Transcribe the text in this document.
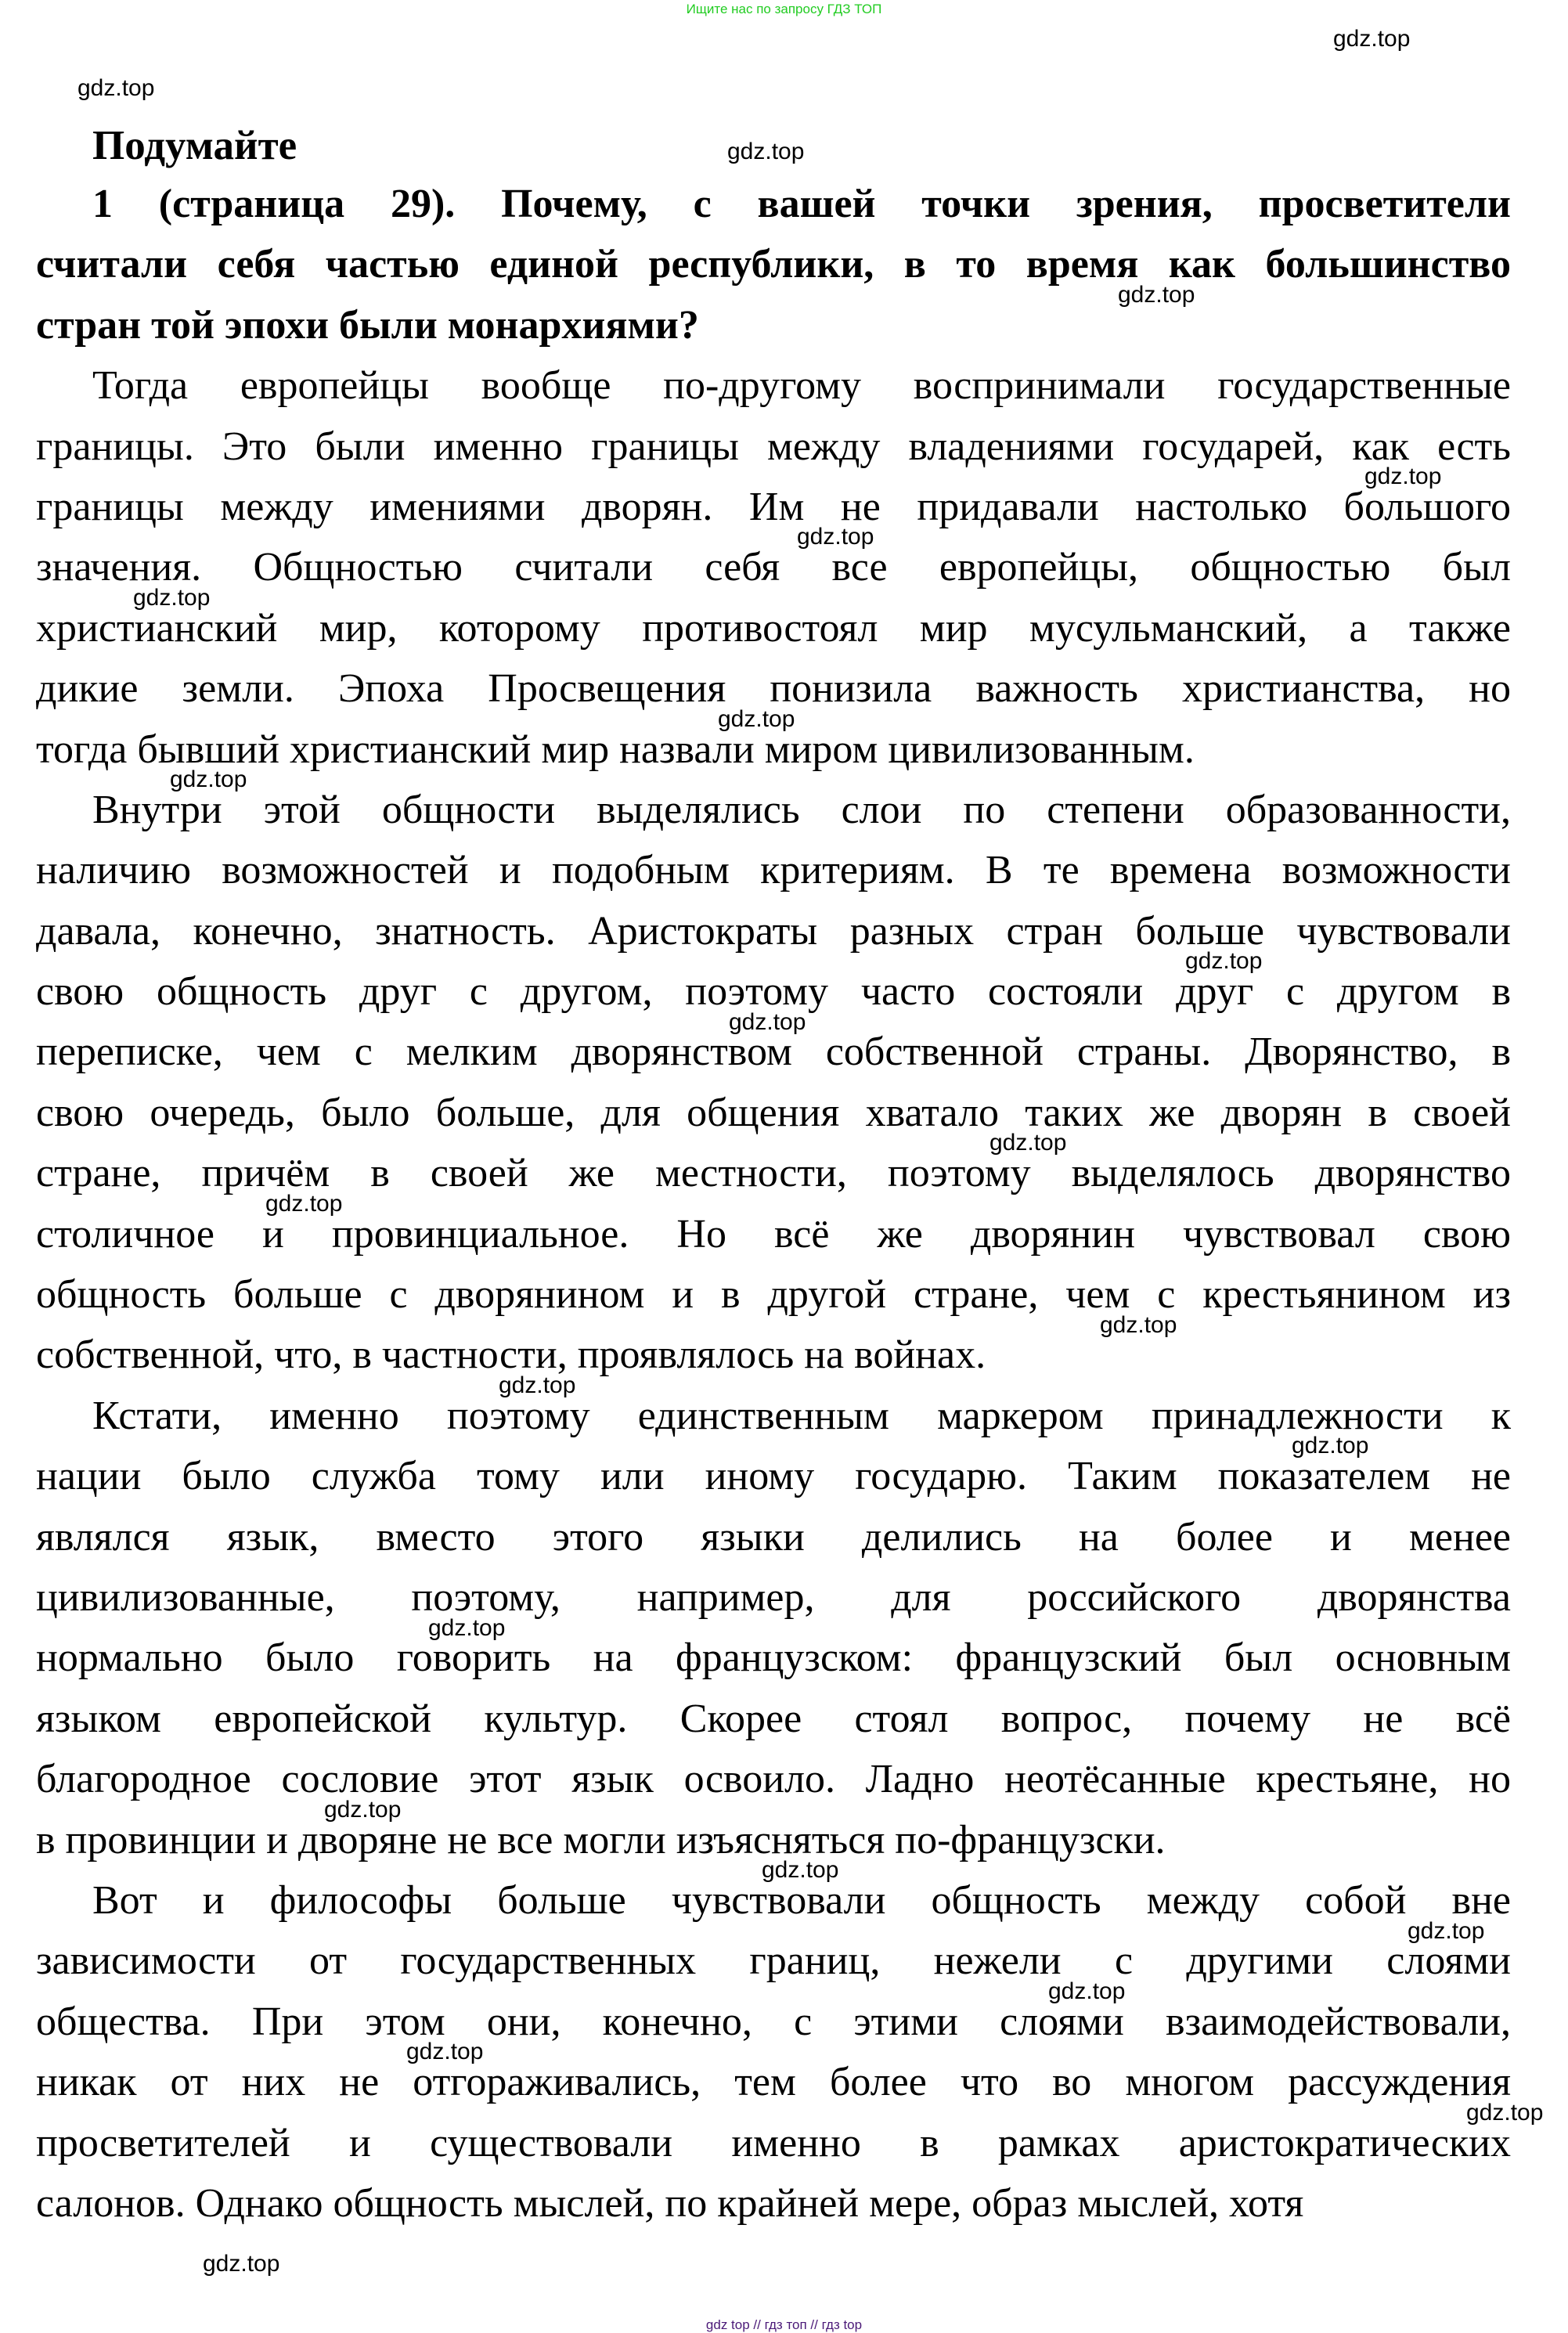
Ищите нас по запросу ГДЗ ТОП
Подумайте
1 (страница 29). Почему, с вашей точки зрения, просветители
считали себя частью единой республики, в то время как большинство
стран той эпохи были монархиями?
Тогда европейцы вообще по-другому воспринимали государственные
границы. Это были именно границы между владениями государей, как есть
границы между имениями дворян. Им не придавали настолько большого
значения. Общностью считали себя все европейцы, общностью был
христианский мир, которому противостоял мир мусульманский, а также
дикие земли. Эпоха Просвещения понизила важность христианства, но
тогда бывший христианский мир назвали миром цивилизованным.
Внутри этой общности выделялись слои по степени образованности,
наличию возможностей и подобным критериям. В те времена возможности
давала, конечно, знатность. Аристократы разных стран больше чувствовали
свою общность друг с другом, поэтому часто состояли друг с другом в
переписке, чем с мелким дворянством собственной страны. Дворянство, в
свою очередь, было больше, для общения хватало таких же дворян в своей
стране, причём в своей же местности, поэтому выделялось дворянство
столичное и провинциальное. Но всё же дворянин чувствовал свою
общность больше с дворянином и в другой стране, чем с крестьянином из
собственной, что, в частности, проявлялось на войнах.
Кстати, именно поэтому единственным маркером принадлежности к
нации было служба тому или иному государю. Таким показателем не
являлся язык, вместо этого языки делились на более и менее
цивилизованные, поэтому, например, для российского дворянства
нормально было говорить на французском: французский был основным
языком европейской культур. Скорее стоял вопрос, почему не всё
благородное сословие этот язык освоило. Ладно неотёсанные крестьяне, но
в провинции и дворяне не все могли изъясняться по-французски.
Вот и философы больше чувствовали общность между собой вне
зависимости от государственных границ, нежели с другими слоями
общества. При этом они, конечно, с этими слоями взаимодействовали,
никак от них не отгораживались, тем более что во многом рассуждения
просветителей и существовали именно в рамках аристократических
салонов. Однако общность мыслей, по крайней мере, образ мыслей, хотя
gdz.top
gdz.top
gdz.top
gdz.top
gdz.top
gdz.top
gdz.top
gdz.top
gdz.top
gdz.top
gdz.top
gdz.top
gdz.top
gdz.top
gdz.top
gdz.top
gdz.top
gdz.top
gdz.top
gdz.top
gdz.top
gdz.top
gdz.top
gdz.top
gdz top // гдз топ // гдз top
